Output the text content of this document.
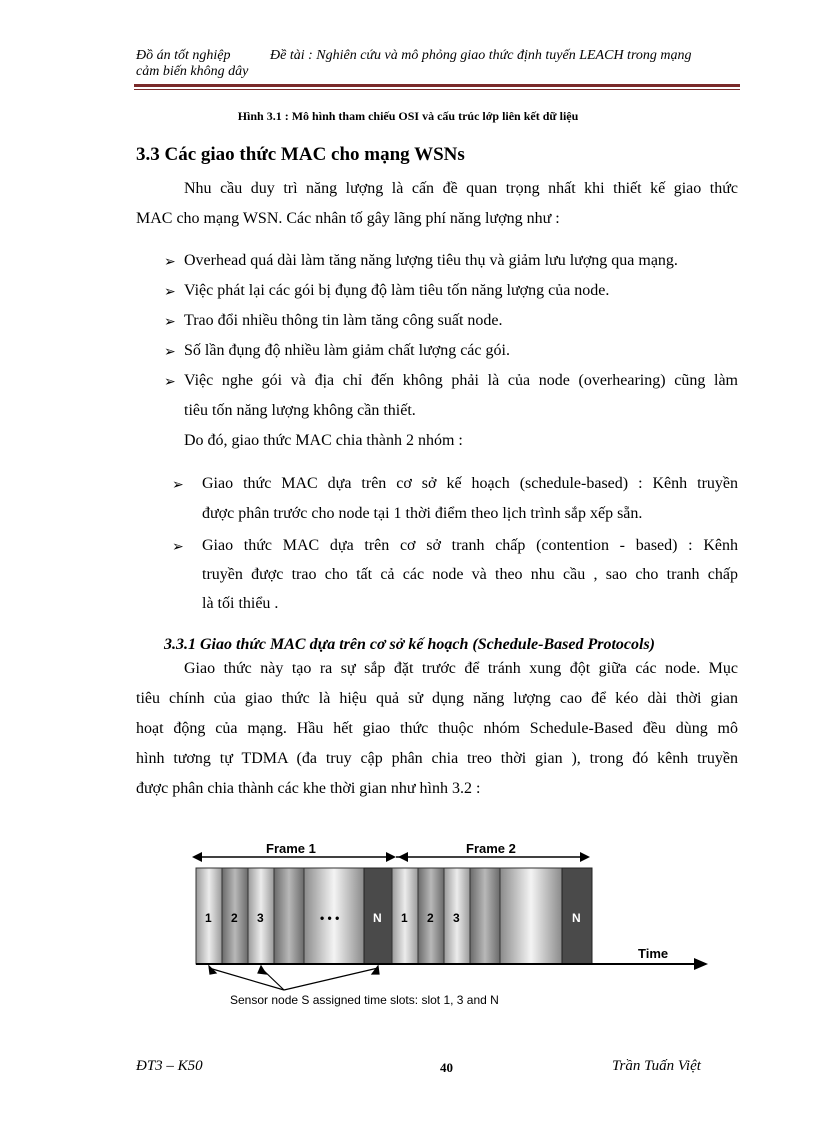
Đồ án tốt nghiệp	Đề tài : Nghiên cứu và mô phỏng giao thức định tuyến LEACH trong mạng
cảm biến không dây
Hình 3.1 : Mô hình tham chiếu OSI và cấu trúc lớp liên kết dữ liệu
3.3 Các giao thức MAC cho mạng WSNs
Nhu cầu duy trì năng lượng là cấn đề quan trọng nhất khi thiết kế giao thức
MAC cho mạng WSN. Các nhân tố gây lãng phí năng lượng như :
➢ Overhead quá dài làm tăng năng lượng tiêu thụ và giảm lưu lượng qua mạng.
➢ Việc phát lại các gói bị đụng độ làm tiêu tốn năng lượng của node.
➢ Trao đổi nhiều thông tin làm tăng công suất node.
➢ Số lần đụng độ nhiều làm giảm chất lượng các gói.
➢ Việc nghe gói và địa chỉ đến không phải là của node (overhearing) cũng làm
tiêu tốn năng lượng không cần thiết.
Do đó, giao thức MAC chia thành 2 nhóm :
➢ Giao thức MAC dựa trên cơ sở kế hoạch (schedule-based) : Kênh truyền
được phân trước cho node tại 1 thời điểm theo lịch trình sắp xếp sẵn.
➢ Giao thức MAC dựa trên cơ sở tranh chấp (contention - based) : Kênh
truyền được trao cho tất cả các node và theo nhu cầu , sao cho tranh chấp
là tối thiểu .
3.3.1 Giao thức MAC dựa trên cơ sở kế hoạch (Schedule-Based Protocols)
Giao thức này tạo ra sự sắp đặt trước để tránh xung đột giữa các node. Mục
tiêu chính của giao thức là hiệu quả sử dụng năng lượng cao để kéo dài thời gian
hoạt động của mạng. Hầu hết giao thức thuộc nhóm Schedule-Based đều dùng mô
hình tương tự TDMA (đa truy cập phân chia treo thời gian ), trong đó kênh truyền
được phân chia thành các khe thời gian như hình 3.2 :
Frame 1	Frame 2
1 2 3	• • •	N 1 2 3	N
Time
Sensor node S assigned time slots: slot 1, 3 and N
ĐT3 – K50	40	Trần Tuấn Việt
